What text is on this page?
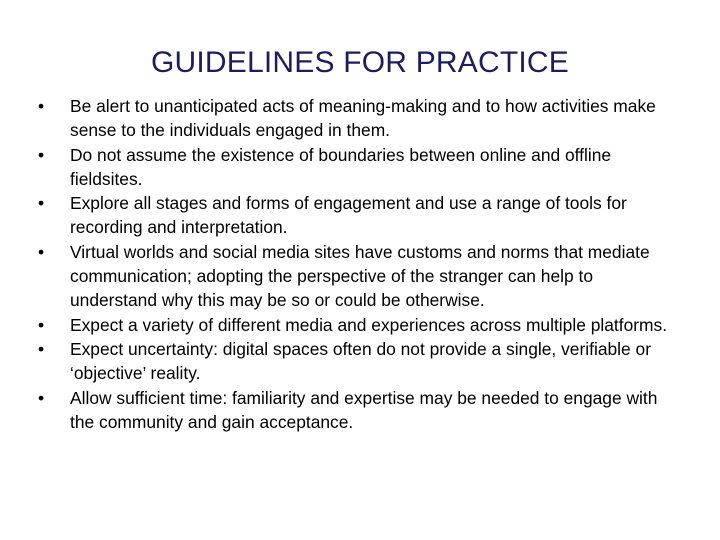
GUIDELINES FOR PRACTICE
•	Be alert to unanticipated acts of meaning-making and to how activities make sense to the individuals engaged in them.
•	Do not assume the existence of boundaries between online and offline fieldsites.
•	Explore all stages and forms of engagement and use a range of tools for recording and interpretation.
•	Virtual worlds and social media sites have customs and norms that mediate communication; adopting the perspective of the stranger can help to understand why this may be so or could be otherwise.
•	Expect a variety of different media and experiences across multiple platforms.
•	Expect uncertainty: digital spaces often do not provide a single, verifiable or ‘objective’ reality.
•	Allow sufficient time: familiarity and expertise may be needed to engage with the community and gain acceptance.
